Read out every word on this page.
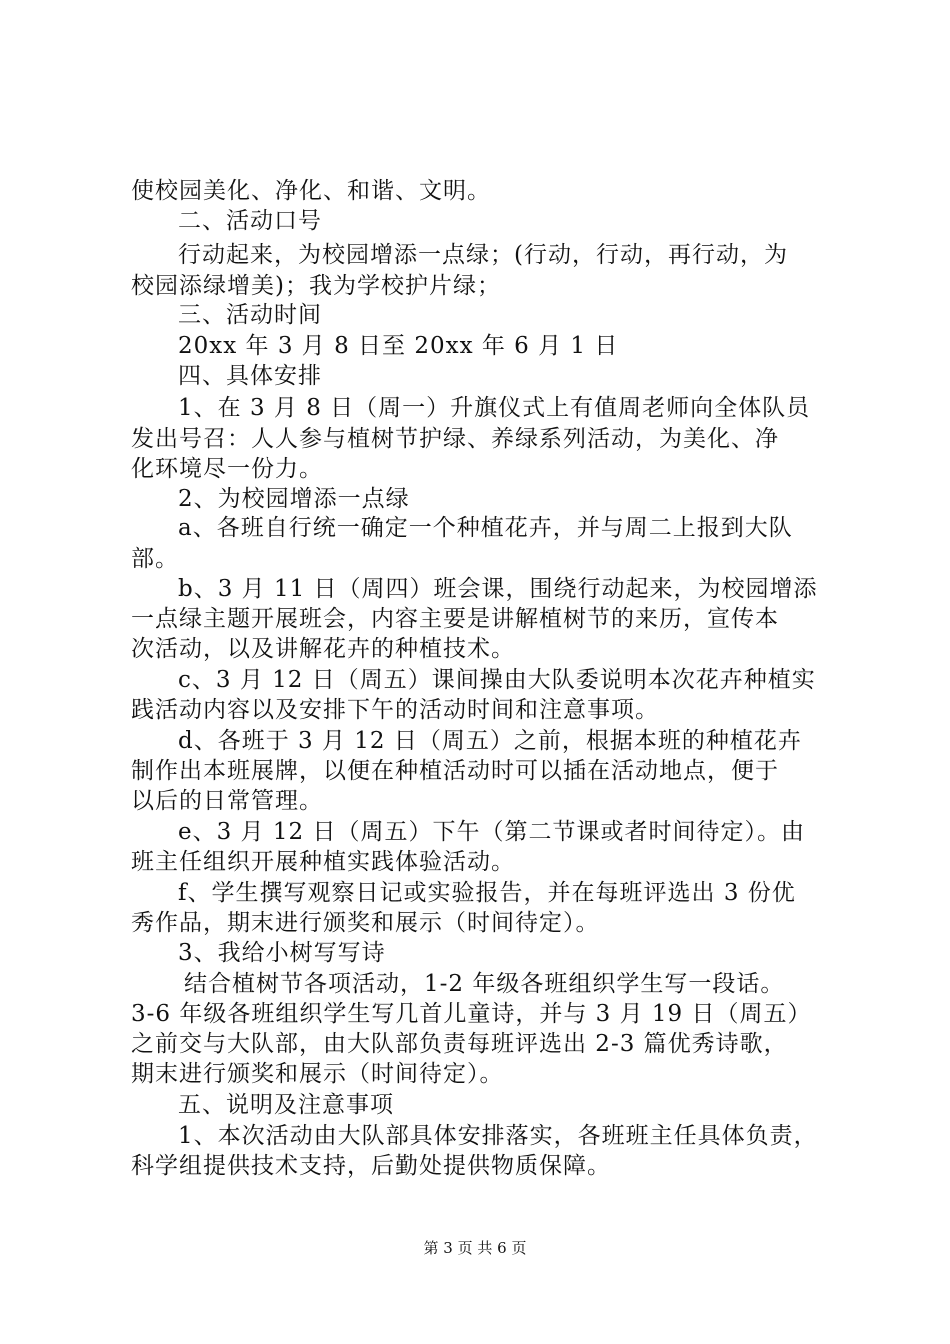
使校园美化、净化、和谐、文明。
二、活动口号
行动起来，为校园增添一点绿；(行动，行动，再行动，为
校园添绿增美)；我为学校护片绿；
三、活动时间
20xx 年 3 月 8 日至 20xx 年 6 月 1 日
四、具体安排
1、在 3 月 8 日（周一）升旗仪式上有值周老师向全体队员
发出号召：人人参与植树节护绿、养绿系列活动，为美化、净
化环境尽一份力。
2、为校园增添一点绿
a、各班自行统一确定一个种植花卉，并与周二上报到大队
部。
b、3 月 11 日（周四）班会课，围绕行动起来，为校园增添
一点绿主题开展班会，内容主要是讲解植树节的来历，宣传本
次活动，以及讲解花卉的种植技术。
c、3 月 12 日（周五）课间操由大队委说明本次花卉种植实
践活动内容以及安排下午的活动时间和注意事项。
d、各班于 3 月 12 日（周五）之前，根据本班的种植花卉
制作出本班展牌，以便在种植活动时可以插在活动地点，便于
以后的日常管理。
e、3 月 12 日（周五）下午（第二节课或者时间待定）。由
班主任组织开展种植实践体验活动。
f、学生撰写观察日记或实验报告，并在每班评选出 3 份优
秀作品，期末进行颁奖和展示（时间待定）。
3、我给小树写写诗
结合植树节各项活动，1-2 年级各班组织学生写一段话。
3-6 年级各班组织学生写几首儿童诗，并与 3 月 19 日（周五）
之前交与大队部，由大队部负责每班评选出 2-3 篇优秀诗歌，
期末进行颁奖和展示（时间待定）。
五、说明及注意事项
1、本次活动由大队部具体安排落实，各班班主任具体负责，
科学组提供技术支持，后勤处提供物质保障。
第 3 页 共 6 页
